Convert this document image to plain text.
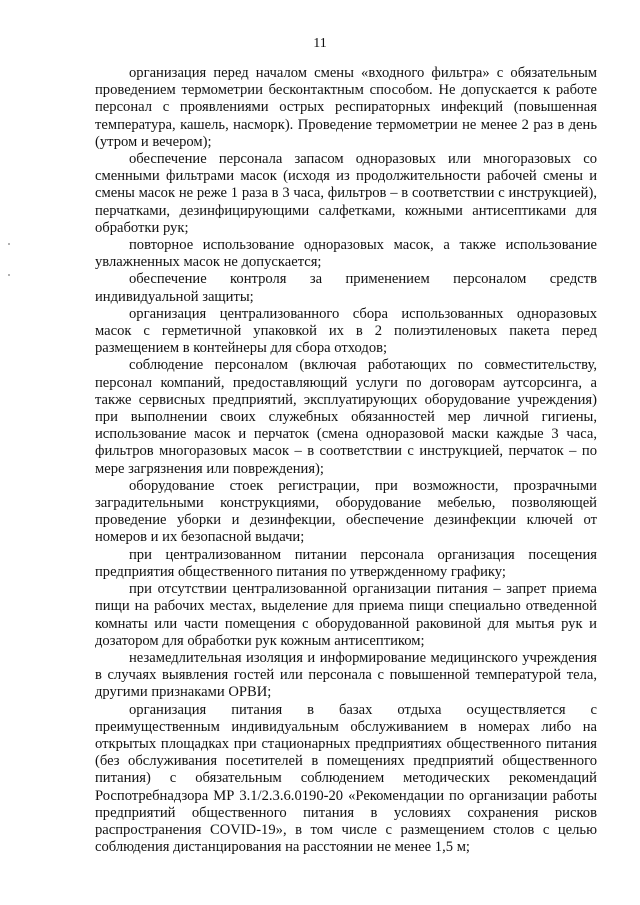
11

организация перед началом смены «входного фильтра» с обязательным проведением термометрии бесконтактным способом. Не допускается к работе персонал с проявлениями острых респираторных инфекций (повышенная температура, кашель, насморк). Проведение термометрии не менее 2 раз в день (утром и вечером);

обеспечение персонала запасом одноразовых или многоразовых со сменными фильтрами масок (исходя из продолжительности рабочей смены и смены масок не реже 1 раза в 3 часа, фильтров – в соответствии с инструкцией), перчатками, дезинфицирующими салфетками, кожными антисептиками для обработки рук;

повторное использование одноразовых масок, а также использование увлажненных масок не допускается;

обеспечение контроля за применением персоналом средств индивидуальной защиты;

организация централизованного сбора использованных одноразовых масок с герметичной упаковкой их в 2 полиэтиленовых пакета перед размещением в контейнеры для сбора отходов;

соблюдение персоналом (включая работающих по совместительству, персонал компаний, предоставляющий услуги по договорам аутсорсинга, а также сервисных предприятий, эксплуатирующих оборудование учреждения) при выполнении своих служебных обязанностей мер личной гигиены, использование масок и перчаток (смена одноразовой маски каждые 3 часа, фильтров многоразовых масок – в соответствии с инструкцией, перчаток – по мере загрязнения или повреждения);

оборудование стоек регистрации, при возможности, прозрачными заградительными конструкциями, оборудование мебелью, позволяющей проведение уборки и дезинфекции, обеспечение дезинфекции ключей от номеров и их безопасной выдачи;

при централизованном питании персонала организация посещения предприятия общественного питания по утвержденному графику;

при отсутствии централизованной организации питания – запрет приема пищи на рабочих местах, выделение для приема пищи специально отведенной комнаты или части помещения с оборудованной раковиной для мытья рук и дозатором для обработки рук кожным антисептиком;

незамедлительная изоляция и информирование медицинского учреждения в случаях выявления гостей или персонала с повышенной температурой тела, другими признаками ОРВИ;

организация питания в базах отдыха осуществляется с преимущественным индивидуальным обслуживанием в номерах либо на открытых площадках при стационарных предприятиях общественного питания (без обслуживания посетителей в помещениях предприятий общественного питания) с обязательным соблюдением методических рекомендаций Роспотребнадзора МР 3.1/2.3.6.0190-20 «Рекомендации по организации работы предприятий общественного питания в условиях сохранения рисков распространения COVID-19», в том числе с размещением столов с целью соблюдения дистанцирования на расстоянии не менее 1,5 м;
